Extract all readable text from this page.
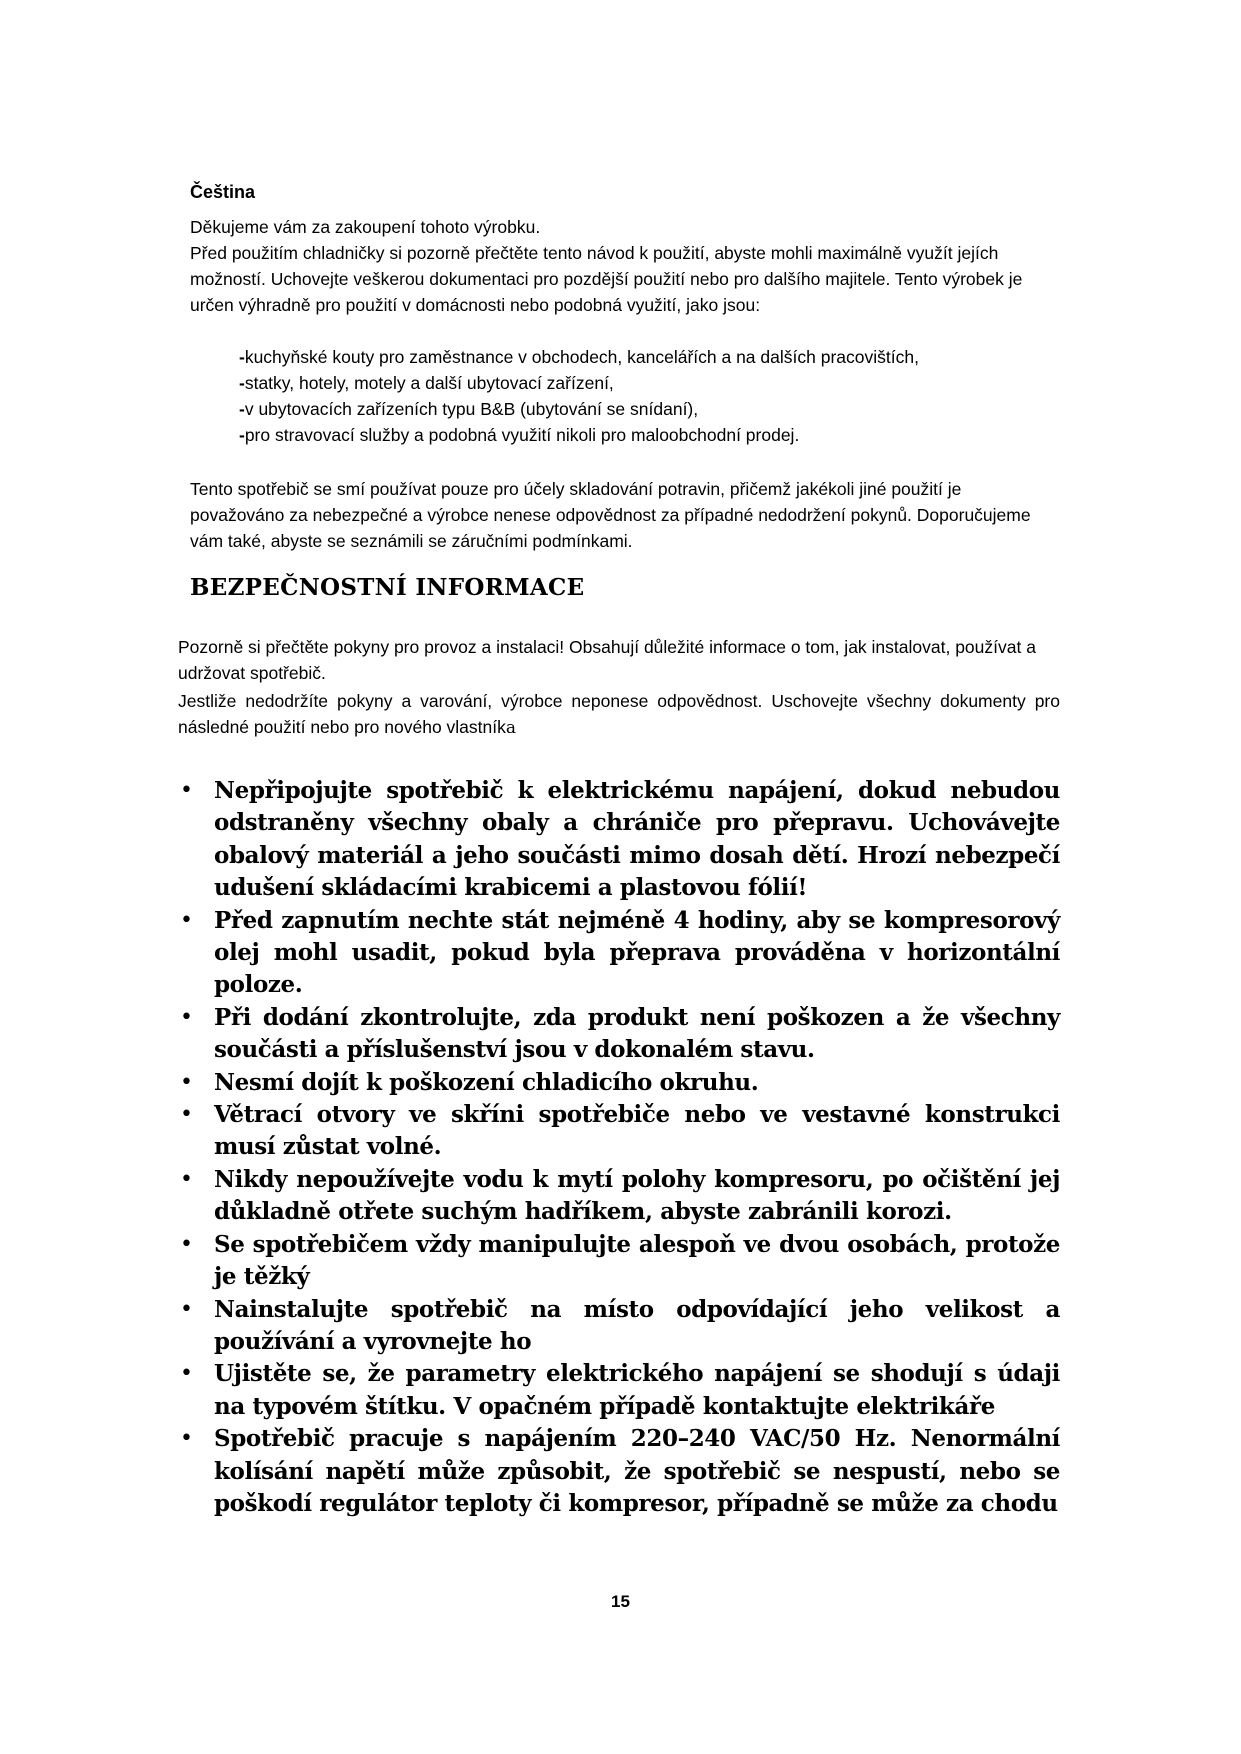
Čeština

Děkujeme vám za zakoupení tohoto výrobku.

Před použitím chladničky si pozorně přečtěte tento návod k použití, abyste mohli maximálně využít jejích možností. Uchovejte veškerou dokumentaci pro pozdější použití nebo pro dalšího majitele. Tento výrobek je určen výhradně pro použití v domácnosti nebo podobná využití, jako jsou:

- kuchyňské kouty pro zaměstnance v obchodech, kancelářích a na dalších pracovištích,
- statky, hotely, motely a další ubytovací zařízení,
- v ubytovacích zařízeních typu B&B (ubytování se snídaní),
- pro stravovací služby a podobná využití nikoli pro maloobchodní prodej.

Tento spotřebič se smí používat pouze pro účely skladování potravin, přičemž jakékoli jiné použití je považováno za nebezpečné a výrobce nenese odpovědnost za případné nedodržení pokynů. Doporučujeme vám také, abyste se seznámili se záručními podmínkami.

BEZPEČNOSTNÍ INFORMACE

Pozorně si přečtěte pokyny pro provoz a instalaci! Obsahují důležité informace o tom, jak instalovat, používat a udržovat spotřebič.

Jestliže nedodržíte pokyny a varování, výrobce neponese odpovědnost. Uschovejte všechny dokumenty pro následné použití nebo pro nového vlastníka

• Nepřipojujte spotřebič k elektrickému napájení, dokud nebudou odstraněny všechny obaly a chrániče pro přepravu. Uchovávejte obalový materiál a jeho součásti mimo dosah dětí. Hrozí nebezpečí udušení skládacími krabicemi a plastovou fólií!
• Před zapnutím nechte stát nejméně 4 hodiny, aby se kompresorový olej mohl usadit, pokud byla přeprava prováděna v horizontální poloze.
• Při dodání zkontrolujte, zda produkt není poškozen a že všechny součásti a příslušenství jsou v dokonalém stavu.
• Nesmí dojít k poškození chladicího okruhu.
• Větrací otvory ve skříni spotřebiče nebo ve vestavné konstrukci musí zůstat volné.
• Nikdy nepoužívejte vodu k mytí polohy kompresoru, po očištění jej důkladně otřete suchým hadříkem, abyste zabránili korozi.
• Se spotřebičem vždy manipulujte alespoň ve dvou osobách, protože je těžký
• Nainstalujte spotřebič na místo odpovídající jeho velikost a používání a vyrovnejte ho
• Ujistěte se, že parametry elektrického napájení se shodují s údaji na typovém štítku. V opačném případě kontaktujte elektrikáře
• Spotřebič pracuje s napájením 220–240 VAC/50 Hz. Nenormální kolísání napětí může způsobit, že spotřebič se nespustí, nebo se poškodí regulátor teploty či kompresor, případně se může za chodu
15
